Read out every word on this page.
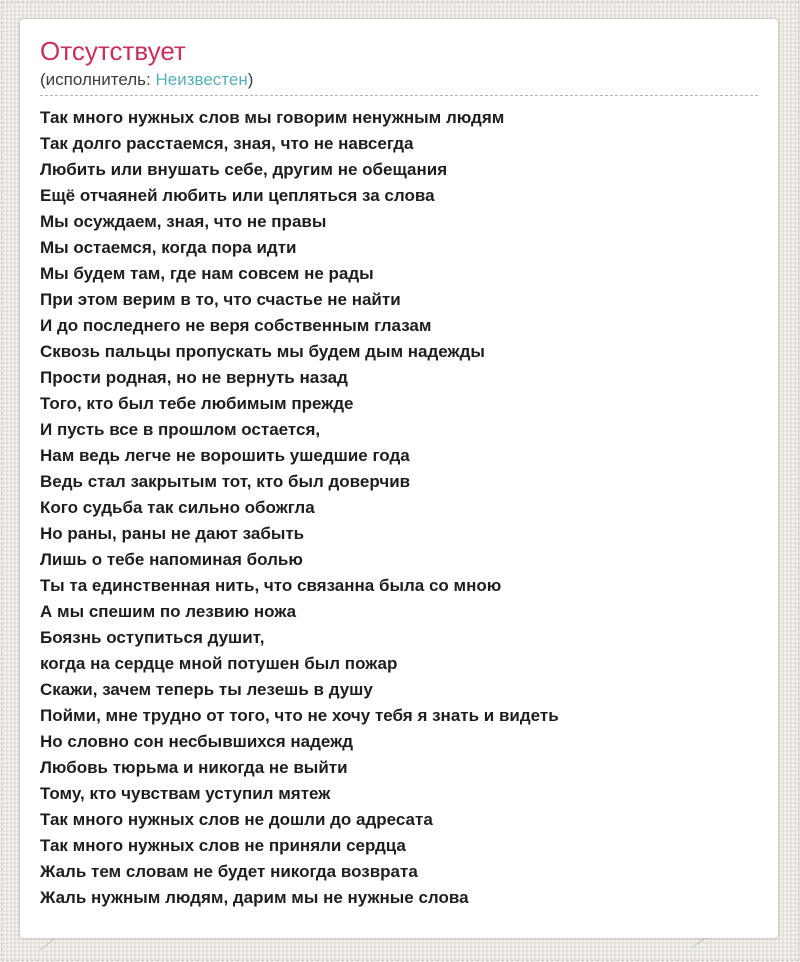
Отсутствует
(исполнитель: Неизвестен)
Так много нужных слов мы говорим ненужным людям
Так долго расстаемся, зная, что не навсегда
Любить или внушать себе, другим не обещания
Ещё отчаяней любить или цепляться за слова
Мы осуждаем, зная, что не правы
Мы остаемся, когда пора идти
Мы будем там, где нам совсем не рады
При этом верим в то, что счастье не найти
И до последнего не веря собственным глазам
Сквозь пальцы пропускать мы будем дым надежды
Прости родная, но не вернуть назад
Того, кто был тебе любимым прежде
И пусть все в прошлом остается,
Нам ведь легче не ворошить ушедшие года
Ведь стал закрытым тот, кто был доверчив
Кого судьба так сильно обожгла
Но раны, раны не дают забыть
Лишь о тебе напоминая болью
Ты та единственная нить, что связанна была со мною
А мы спешим по лезвию ножа
Боязнь оступиться душит,
когда на сердце мной потушен был пожар
Скажи, зачем теперь ты лезешь в душу
Пойми, мне трудно от того, что не хочу тебя я знать и видеть
Но словно сон несбывшихся надежд
Любовь тюрьма и никогда не выйти
Тому, кто чувствам уступил мятеж
Так много нужных слов не дошли до адресата
Так много нужных слов не приняли сердца
Жаль тем словам не будет никогда возврата
Жаль нужным людям, дарим мы не нужные слова
